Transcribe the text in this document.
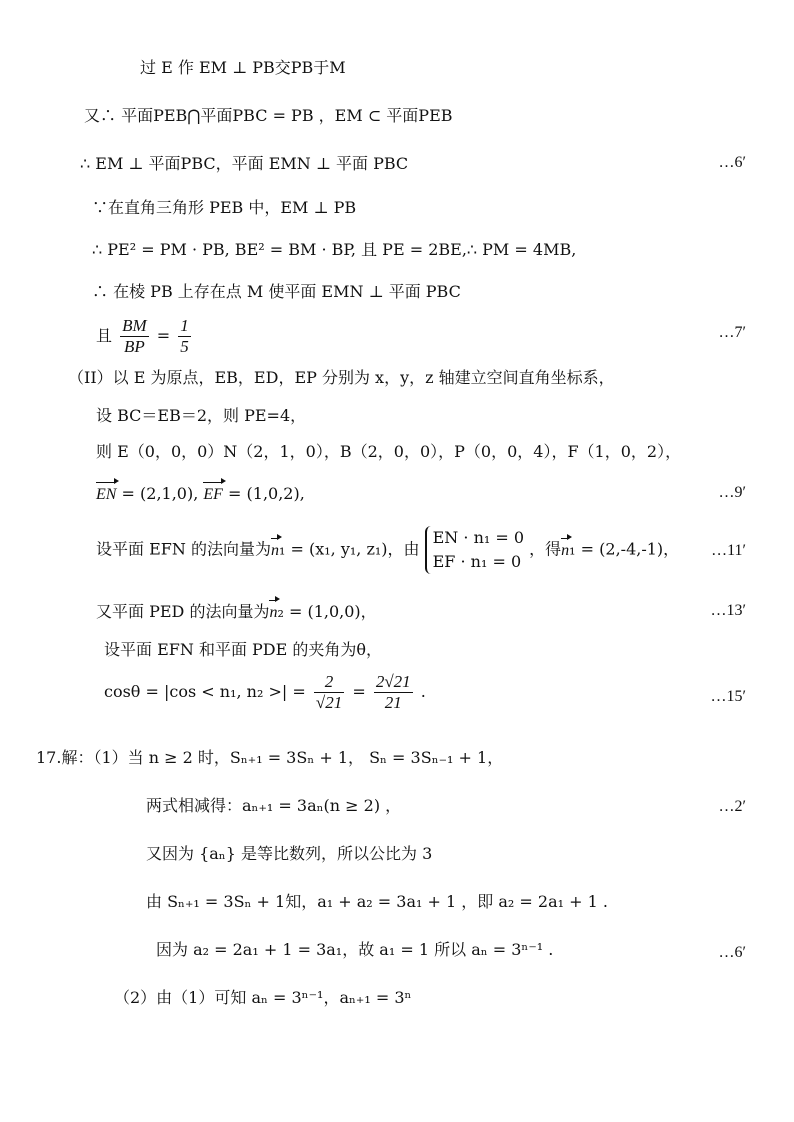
过 E 作 EM ⊥ PB交PB于M
又∴ 平面PEB⋂平面PBC = PB ，EM ⊂ 平面PEB
∴ EM ⊥ 平面PBC，平面 EMN ⊥ 平面 PBC	…6′
∵在直角三角形 PEB 中，EM ⊥ PB
∴ PE² = PM · PB, BE² = BM · BP, 且 PE = 2BE,∴ PM = 4MB,
∴ 在棱 PB 上存在点 M 使平面 EMN ⊥ 平面 PBC
且 $\frac{BM}{BP} = \frac{1}{5}$	…7′
（II）以 E 为原点，EB，ED，EP 分别为 x，y，z 轴建立空间直角坐标系，
设 BC＝EB＝2，则 PE=4，
则 E（0，0，0）N（2，1，0），B（2，0，0），P（0，0，4），F（1，0，2），
EN = (2,1,0), EF = (1,0,2),	…9′
设平面 EFN 的法向量为n₁ = (x₁, y₁, z₁)，由
EN · n₁ = 0
EF · n₁ = 0
，得n₁ = (2,-4,-1)， …11′
又平面 PED 的法向量为n₂ = (1,0,0)，	…13′
设平面 EFN 和平面 PDE 的夹角为θ，
cosθ = |cos < n₁, n₂ >| = $\frac{2}{√21} = \frac{2√21}{21}$ .	…15′
17.解：（1）当 n ≥ 2 时，Sₙ₊₁ = 3Sₙ + 1， Sₙ = 3Sₙ₋₁ + 1，
两式相减得：aₙ₊₁ = 3aₙ(n ≥ 2) ，	…2′
又因为 {aₙ} 是等比数列，所以公比为 3
由 Sₙ₊₁ = 3Sₙ + 1知，a₁ + a₂ = 3a₁ + 1 ，即 a₂ = 2a₁ + 1 .
因为 a₂ = 2a₁ + 1 = 3a₁，故 a₁ = 1 所以 aₙ = 3ⁿ⁻¹ .	…6′
（2）由（1）可知 aₙ = 3ⁿ⁻¹，aₙ₊₁ = 3ⁿ
